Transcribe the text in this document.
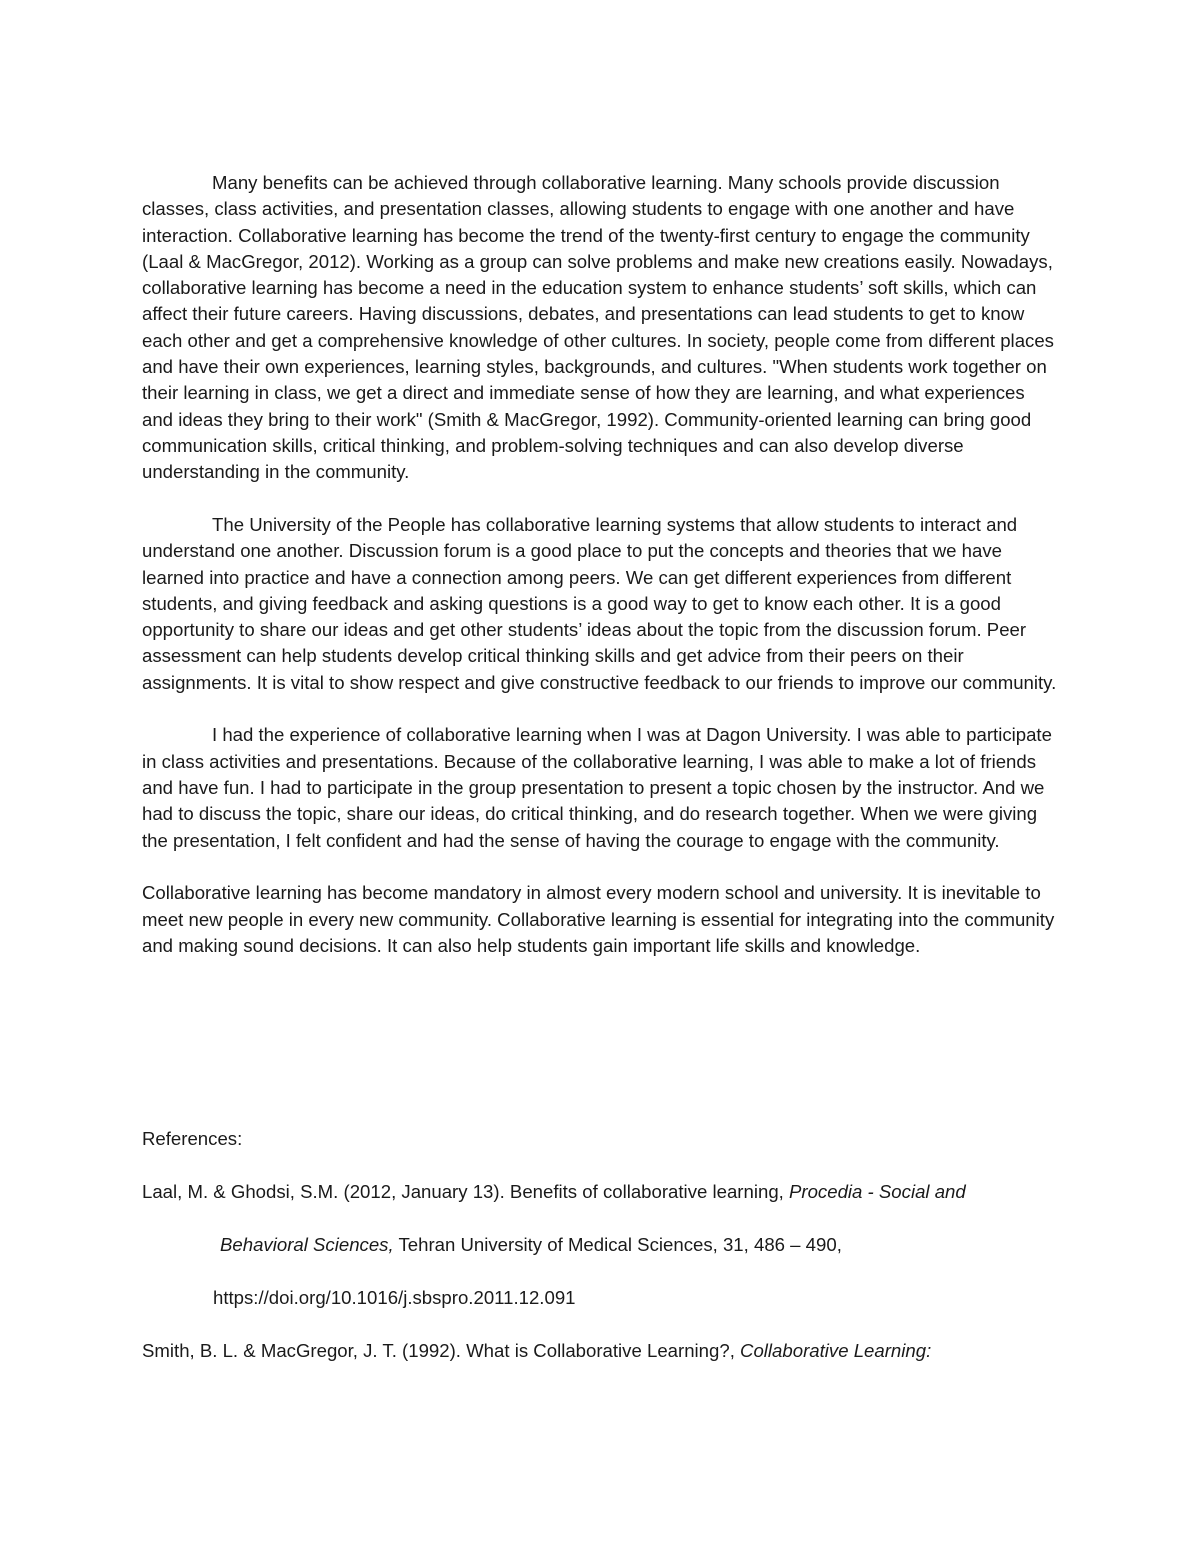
Many benefits can be achieved through collaborative learning. Many schools provide discussion classes, class activities, and presentation classes, allowing students to engage with one another and have interaction. Collaborative learning has become the trend of the twenty-first century to engage the community (Laal & MacGregor, 2012). Working as a group can solve problems and make new creations easily. Nowadays, collaborative learning has become a need in the education system to enhance students’ soft skills, which can affect their future careers. Having discussions, debates, and presentations can lead students to get to know each other and get a comprehensive knowledge of other cultures. In society, people come from different places and have their own experiences, learning styles, backgrounds, and cultures. "When students work together on their learning in class, we get a direct and immediate sense of how they are learning, and what experiences and ideas they bring to their work" (Smith & MacGregor, 1992). Community-oriented learning can bring good communication skills, critical thinking, and problem-solving techniques and can also develop diverse understanding in the community.

The University of the People has collaborative learning systems that allow students to interact and understand one another. Discussion forum is a good place to put the concepts and theories that we have learned into practice and have a connection among peers. We can get different experiences from different students, and giving feedback and asking questions is a good way to get to know each other. It is a good opportunity to share our ideas and get other students’ ideas about the topic from the discussion forum. Peer assessment can help students develop critical thinking skills and get advice from their peers on their assignments. It is vital to show respect and give constructive feedback to our friends to improve our community.

I had the experience of collaborative learning when I was at Dagon University. I was able to participate in class activities and presentations. Because of the collaborative learning, I was able to make a lot of friends and have fun. I had to participate in the group presentation to present a topic chosen by the instructor. And we had to discuss the topic, share our ideas, do critical thinking, and do research together. When we were giving the presentation, I felt confident and had the sense of having the courage to engage with the community.

Collaborative learning has become mandatory in almost every modern school and university. It is inevitable to meet new people in every new community. Collaborative learning is essential for integrating into the community and making sound decisions. It can also help students gain important life skills and knowledge.

References:

Laal, M. & Ghodsi, S.M. (2012, January 13). Benefits of collaborative learning, Procedia - Social and

Behavioral Sciences, Tehran University of Medical Sciences, 31, 486 – 490,

https://doi.org/10.1016/j.sbspro.2011.12.091

Smith, B. L. & MacGregor, J. T. (1992). What is Collaborative Learning?, Collaborative Learning:
